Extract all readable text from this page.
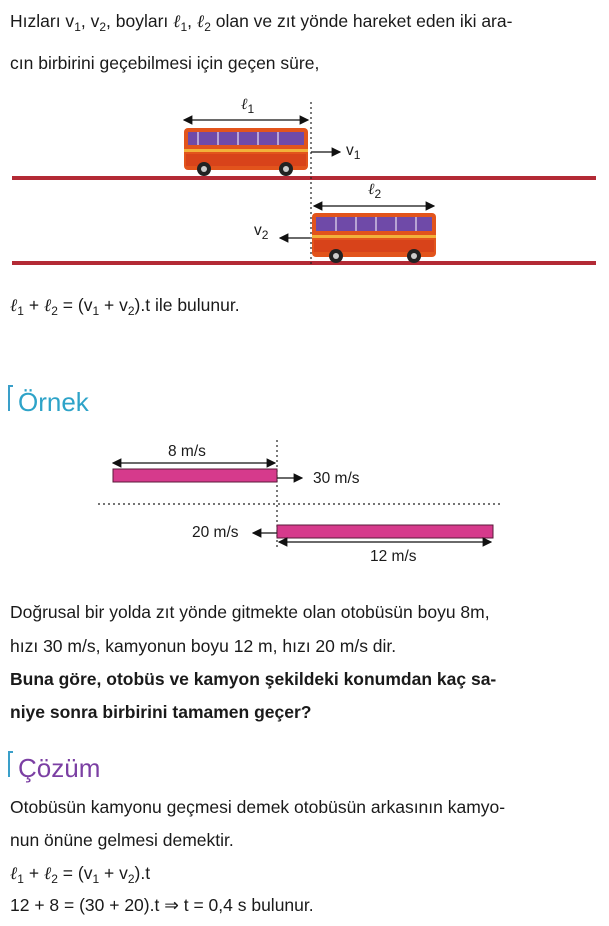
Hızları $v_1$, $v_2$, boyları ℓ$_1$, ℓ$_2$ olan ve zıt yönde hareket eden iki ara-
cın birbirini geçebilmesi için geçen süre,
ℓ$_1$
$v_1$
ℓ$_2$
$v_2$
ℓ$_1$ + ℓ$_2$ = $(v_1 + v_2).t$ ile bulunur.
Örnek
8 m/s
30 m/s
20 m/s
12 m/s
Doğrusal bir yolda zıt yönde gitmekte olan otobüsün boyu 8m,
hızı 30 m/s, kamyonun boyu 12 m, hızı 20 m/s dir.
Buna göre, otobüs ve kamyon şekildeki konumdan kaç sa-
niye sonra birbirini tamamen geçer?
Çözüm
Otobüsün kamyonu geçmesi demek otobüsün arkasının kamyo-
nun önüne gelmesi demektir.
ℓ$_1$ + ℓ$_2$ = $(v_1 + v_2).t$
12 + 8 = (30 + 20).t ⇒ t = 0,4 s bulunur.
